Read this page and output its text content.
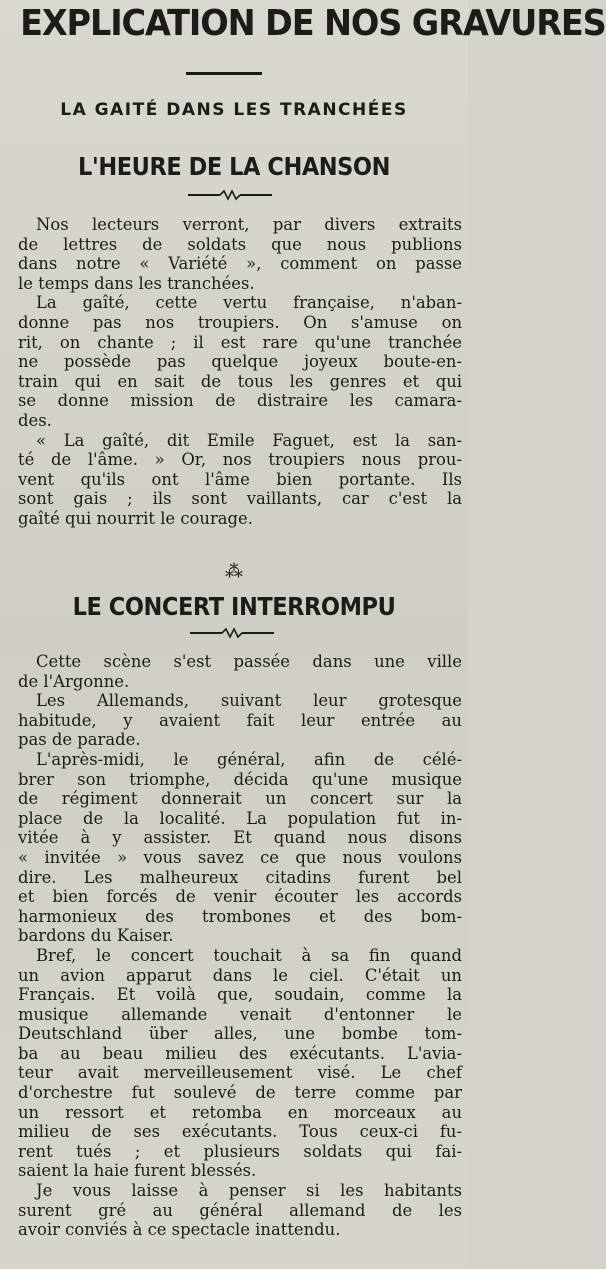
EXPLICATION DE NOS GRAVURES
LA GAITÉ DANS LES TRANCHÉES
L'HEURE DE LA CHANSON
Nos lecteurs verront, par divers extraits
de lettres de soldats que nous publions
dans notre « Variété », comment on passe
le temps dans les tranchées.
La gaîté, cette vertu française, n'aban-
donne pas nos troupiers. On s'amuse on
rit, on chante ; il est rare qu'une tranchée
ne possède pas quelque joyeux boute-en-
train qui en sait de tous les genres et qui
se donne mission de distraire les camara-
des.
« La gaîté, dit Emile Faguet, est la san-
té de l'âme. » Or, nos troupiers nous prou-
vent qu'ils ont l'âme bien portante. Ils
sont gais ; ils sont vaillants, car c'est la
gaîté qui nourrit le courage.
⁂
LE CONCERT INTERROMPU
Cette scène s'est passée dans une ville
de l'Argonne.
Les Allemands, suivant leur grotesque
habitude, y avaient fait leur entrée au
pas de parade.
L'après-midi, le général, afin de célé-
brer son triomphe, décida qu'une musique
de régiment donnerait un concert sur la
place de la localité. La population fut in-
vitée à y assister. Et quand nous disons
« invitée » vous savez ce que nous voulons
dire. Les malheureux citadins furent bel
et bien forcés de venir écouter les accords
harmonieux des trombones et des bom-
bardons du Kaiser.
Bref, le concert touchait à sa fin quand
un avion apparut dans le ciel. C'était un
Français. Et voilà que, soudain, comme la
musique allemande venait d'entonner le
Deutschland über alles, une bombe tom-
ba au beau milieu des exécutants. L'avia-
teur avait merveilleusement visé. Le chef
d'orchestre fut soulevé de terre comme par
un ressort et retomba en morceaux au
milieu de ses exécutants. Tous ceux-ci fu-
rent tués ; et plusieurs soldats qui fai-
saient la haie furent blessés.
Je vous laisse à penser si les habitants
surent gré au général allemand de les
avoir conviés à ce spectacle inattendu.
